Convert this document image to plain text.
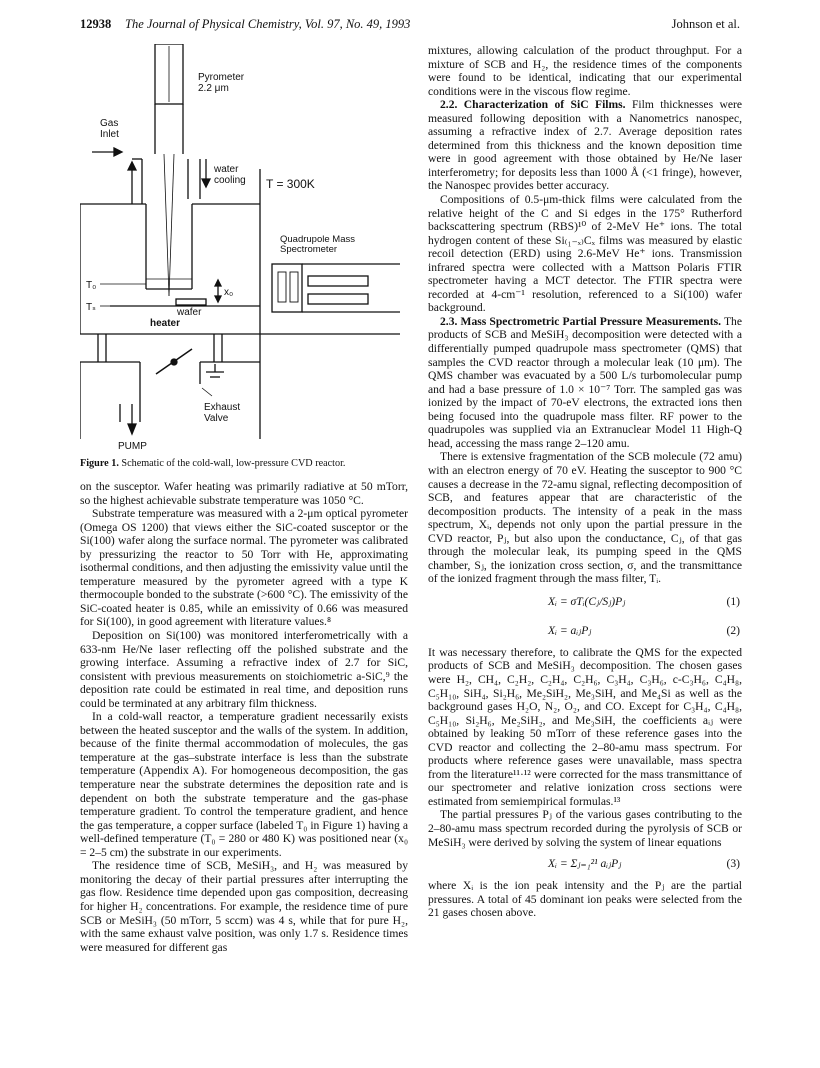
12938 The Journal of Physical Chemistry, Vol. 97, No. 49, 1993	Johnson et al.
Pyrometer
2.2 μm
Gas
Inlet
water
cooling T = 300K
T₀
x₀
wafer
Tₛ
heater
Quadrupole Mass
Spectrometer
Exhaust
Valve
PUMP
Figure 1. Schematic of the cold-wall, low-pressure CVD reactor.

on the susceptor. Wafer heating was primarily radiative at 50 mTorr, so the highest achievable substrate temperature was 1050 °C.

Substrate temperature was measured with a 2-μm optical pyrometer (Omega OS 1200) that views either the SiC-coated susceptor or the Si(100) wafer along the surface normal. The pyrometer was calibrated by pressurizing the reactor to 50 Torr with He, approximating isothermal conditions, and then adjusting the emissivity value until the temperature measured by the pyrometer agreed with a type K thermocouple bonded to the substrate (>600 °C). The emissivity of the SiC-coated heater is 0.85, while an emissivity of 0.66 was measured for Si(100), in good agreement with literature values.⁸

Deposition on Si(100) was monitored interferometrically with a 633-nm He/Ne laser reflecting off the polished substrate and the growing interface. Assuming a refractive index of 2.7 for SiC, consistent with previous measurements on stoichiometric a-SiC,⁹ the deposition rate could be estimated in real time, and deposition runs could be terminated at any arbitrary film thickness.

In a cold-wall reactor, a temperature gradient necessarily exists between the heated susceptor and the walls of the system. In addition, because of the finite thermal accommodation of molecules, the gas temperature at the gas–substrate interface is less than the substrate temperature (Appendix A). For homogeneous decomposition, the gas temperature near the substrate determines the deposition rate and is dependent on both the substrate temperature and the gas-phase temperature gradient. To control the temperature gradient, and hence the gas temperature, a copper surface (labeled T₀ in Figure 1) having a well-defined temperature (T₀ = 280 or 480 K) was positioned near (x₀ = 2–5 cm) the substrate in our experiments.

The residence time of SCB, MeSiH₃, and H₂ was measured by monitoring the decay of their partial pressures after interrupting the gas flow. Residence time depended upon gas composition, decreasing for higher H₂ concentrations. For example, the residence time of pure SCB or MeSiH₃ (50 mTorr, 5 sccm) was 4 s, while that for pure H₂, with the same exhaust valve position, was only 1.7 s. Residence times were measured for different gas

mixtures, allowing calculation of the product throughput. For a mixture of SCB and H₂, the residence times of the components were found to be identical, indicating that our experimental conditions were in the viscous flow regime.

2.2. Characterization of SiC Films. Film thicknesses were measured following deposition with a Nanometrics nanospec, assuming a refractive index of 2.7. Average deposition rates determined from this thickness and the known deposition time were in good agreement with those obtained by He/Ne laser interferometry; for deposits less than 1000 Å (<1 fringe), however, the Nanospec provides better accuracy.

Compositions of 0.5-μm-thick films were calculated from the relative height of the C and Si edges in the 175° Rutherford backscattering spectrum (RBS)¹⁰ of 2-MeV He⁺ ions. The total hydrogen content of these Si₍₁₋ₓ₎Cₓ films was measured by elastic recoil detection (ERD) using 2.6-MeV He⁺ ions. Transmission infrared spectra were collected with a Mattson Polaris FTIR spectrometer having a MCT detector. The FTIR spectra were recorded at 4-cm⁻¹ resolution, referenced to a Si(100) wafer background.

2.3. Mass Spectrometric Partial Pressure Measurements. The products of SCB and MeSiH₃ decomposition were detected with a differentially pumped quadrupole mass spectrometer (QMS) that samples the CVD reactor through a molecular leak (10 μm). The QMS chamber was evacuated by a 500 L/s turbomolecular pump and had a base pressure of 1.0 × 10⁻⁷ Torr. The sampled gas was ionized by the impact of 70-eV electrons, the extracted ions then being focused into the quadrupole mass filter. RF power to the quadrupoles was supplied via an Extranuclear Model 11 High-Q head, accessing the mass range 2–120 amu.

There is extensive fragmentation of the SCB molecule (72 amu) with an electron energy of 70 eV. Heating the susceptor to 900 °C causes a decrease in the 72-amu signal, reflecting decomposition of SCB, and features appear that are characteristic of the decomposition products. The intensity of a peak in the mass spectrum, Xᵢ, depends not only upon the partial pressure in the CVD reactor, Pⱼ, but also upon the conductance, Cⱼ, of that gas through the molecular leak, its pumping speed in the QMS chamber, Sⱼ, the ionization cross section, σ, and the transmittance of the ionized fragment through the mass filter, Tᵢ.

Xᵢ = σTᵢ(Cⱼ/Sⱼ)Pⱼ	(1)
Xᵢ = aᵢⱼPⱼ	(2)

It was necessary therefore, to calibrate the QMS for the expected products of SCB and MeSiH₃ decomposition. The chosen gases were H₂, CH₄, C₂H₂, C₂H₄, C₂H₆, C₃H₄, C₃H₆, c-C₃H₆, C₄H₈, C₅H₁₀, SiH₄, Si₂H₆, Me₂SiH₂, Me₃SiH, and Me₄Si as well as the background gases H₂O, N₂, O₂, and CO. Except for C₃H₄, C₄H₈, C₅H₁₀, Si₂H₆, Me₂SiH₂, and Me₃SiH, the coefficients aᵢⱼ were obtained by leaking 50 mTorr of these reference gases into the CVD reactor and collecting the 2–80-amu mass spectrum. For products where reference gases were unavailable, mass spectra from the literature¹¹·¹² were corrected for the mass transmittance of our spectrometer and relative ionization cross sections were estimated from semiempirical formulas.¹³

The partial pressures Pⱼ of the various gases contributing to the 2–80-amu mass spectrum recorded during the pyrolysis of SCB or MeSiH₃ were derived by solving the system of linear equations

Xᵢ = Σⱼ₌₁²¹ aᵢⱼPⱼ	(3)

where Xᵢ is the ion peak intensity and the Pⱼ are the partial pressures. A total of 45 dominant ion peaks were selected from the 21 gases chosen above.
